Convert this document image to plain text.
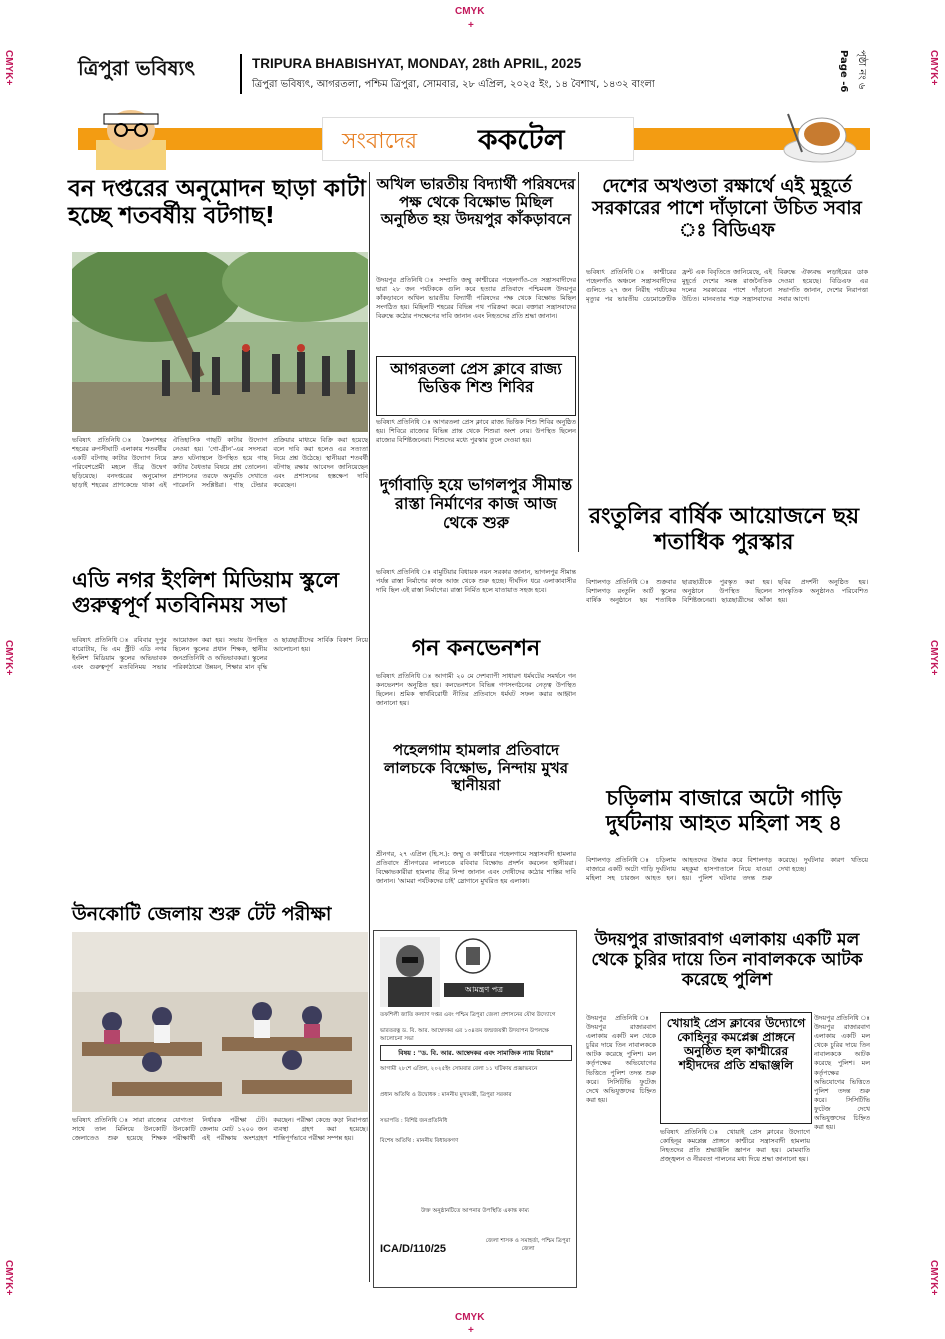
CMYK
+
CMYK+
CMYK+
CMYK+
CMYK+
CMYK+
CMYK+
CMYK
+
ত্রিপুরা ভবিষ্যৎ	TRIPURA BHABISHYAT, MONDAY, 28th APRIL, 2025
ত্রিপুরা ভবিষ্যৎ, আগরতলা, পশ্চিম ত্রিপুরা, সোমবার, ২৮ এপ্রিল, ২০২৫ ইং, ১৪ বৈশাখ, ১৪৩২ বাংলা	Page -6 পৃষ্ঠা নং ৬
সংবাদের ককটেল
বন দপ্তরের অনুমোদন ছাড়া কাটা হচ্ছে শতবর্ষীয় বটগাছ!
ভবিষ্যৎ প্রতিনিধি ঃ কৈলাশহর শহরের রুপসীঘাটি এলাকায় শতবর্ষীয় একটি বটগাছ কাটার উদ্যোগ নিয়ে পরিবেশপ্রেমী মহলে তীব্র উদ্বেগ ছড়িয়েছে। বনদপ্তরের অনুমোদন ছাড়াই শহরের প্রাণকেন্দ্রে থাকা এই ঐতিহাসিক গাছটি কাটার উদ্যোগ নেওয়া হয়। 'গো-গ্রীন'-এর সদস্যরা দ্রুত ঘটনাস্থলে উপস্থিত হয়ে গাছ কাটার বৈধতার বিষয়ে প্রশ্ন তোলেন। প্রশাসনের তরফে অনুমতি দেখাতে পারেননি সংশ্লিষ্টরা। গাছ টেন্ডার প্রক্রিয়ার মাধ্যমে বিক্রি করা হয়েছে বলে দাবি করা হলেও এর সত্যতা নিয়ে প্রশ্ন উঠেছে। স্থানীয়রা শতবর্ষী বটগাছ রক্ষার আবেদন জানিয়েছেন এবং প্রশাসনের হস্তক্ষেপ দাবি করেছেন।
এডি নগর ইংলিশ মিডিয়াম স্কুলে গুরুত্বপূর্ণ মতবিনিময় সভা
ভবিষ্যৎ প্রতিনিধি ঃ রবিবার দুপুর বারোটায়, ভি এম স্ট্রীট এডি নগর ইংলিশ মিডিয়াম স্কুলের অভিভাবক এবং গুরুত্বপূর্ণ মতবিনিময় সভার আয়োজন করা হয়। সভায় উপস্থিত ছিলেন স্কুলের প্রধান শিক্ষক, স্থানীয় জনপ্রতিনিধি ও অভিভাবকরা। স্কুলের পরিকাঠামো উন্নয়ন, শিক্ষার মান বৃদ্ধি ও ছাত্রছাত্রীদের সার্বিক বিকাশ নিয়ে আলোচনা হয়।
উনকোটি জেলায় শুরু টেট পরীক্ষা
ভবিষ্যৎ প্রতিনিধি ঃ সারা রাজ্যের সাথে তাল মিলিয়ে উনকোটি জেলাতেও শুরু হয়েছে শিক্ষক যোগ্যতা নির্ধারক পরীক্ষা টেট। উনকোটি জেলায় মোট ১২০০ জন পরীক্ষার্থী এই পরীক্ষায় অংশগ্রহণ করছেন। পরীক্ষা কেন্দ্রে কড়া নিরাপত্তা ব্যবস্থা গ্রহণ করা হয়েছে। শান্তিপূর্ণভাবে পরীক্ষা সম্পন্ন হয়।
অখিল ভারতীয় বিদ্যার্থী পরিষদের পক্ষ থেকে বিক্ষোভ মিছিল অনুষ্ঠিত হয় উদয়পুর কাঁকড়াবনে
উদয়পুর প্রতিনিধি ঃ সম্প্রতি জম্মু কাশ্মীরের পহেলগাঁও-তে সন্ত্রাসবাদীদের দ্বারা ২৮ জন পর্যটককে গুলি করে হত্যার প্রতিবাদে পশ্চিমবঙ্গ উদয়পুর কাঁকড়াবনে অখিল ভারতীয় বিদ্যার্থী পরিষদের পক্ষ থেকে বিক্ষোভ মিছিল সংগঠিত হয়। মিছিলটি শহরের বিভিন্ন পথ পরিক্রমা করে। বক্তারা সন্ত্রাসবাদের বিরুদ্ধে কঠোর পদক্ষেপের দাবি জানান এবং নিহতদের প্রতি শ্রদ্ধা জানান।
আগরতলা প্রেস ক্লাবে রাজ্য ভিত্তিক শিশু শিবির
ভবিষ্যৎ প্রতিনিধি ঃ আগরতলা প্রেস ক্লাবে রাজ্য ভিত্তিক শিশু শিবির অনুষ্ঠিত হয়। শিবিরে রাজ্যের বিভিন্ন প্রান্ত থেকে শিশুরা অংশ নেয়। উপস্থিত ছিলেন রাজ্যের বিশিষ্টজনেরা। শিশুদের মধ্যে পুরস্কার তুলে দেওয়া হয়।
দুর্গাবাড়ি হয়ে ভাগলপুর সীমান্ত রাস্তা নির্মাণের কাজ আজ থেকে শুরু
ভবিষ্যৎ প্রতিনিধি ঃ বামুটিয়ার বিধায়ক নয়ন সরকার জানান, ভাগলপুর সীমান্ত পর্যন্ত রাস্তা নির্মাণের কাজ আজ থেকে শুরু হচ্ছে। দীর্ঘদিন ধরে এলাকাবাসীর দাবি ছিল এই রাস্তা নির্মাণের। রাস্তা নির্মিত হলে যাতায়াত সহজ হবে।
গন কনভেনশন
ভবিষ্যৎ প্রতিনিধি ঃ আগামী ২০ মে দেশব্যাপী সাধারণ ধর্মঘটের সমর্থনে গন কনভেনশন অনুষ্ঠিত হয়। কনভেনশনে বিভিন্ন গণসংগঠনের নেতৃত্ব উপস্থিত ছিলেন। শ্রমিক স্বার্থবিরোধী নীতির প্রতিবাদে ধর্মঘট সফল করার আহ্বান জানানো হয়।
পহেলগাম হামলার প্রতিবাদে লালচকে বিক্ষোভ, নিন্দায় মুখর স্থানীয়রা
শ্রীনগর, ২৭ এপ্রিল (হি.স.): জম্মু ও কাশ্মীরের পহেলগামে সন্ত্রাসবাদী হামলার প্রতিবাদে শ্রীনগরের লালচকে রবিবার বিক্ষোভ প্রদর্শন করলেন স্থানীয়রা। বিক্ষোভকারীরা হামলার তীব্র নিন্দা জানান এবং দোষীদের কঠোর শাস্তির দাবি জানান। 'আমরা পর্যটকদের চাই' স্লোগানে মুখরিত হয় এলাকা।
আমন্ত্রণ পত্র
তফশিলী জাতি কল্যাণ দপ্তর এবং পশ্চিম ত্রিপুরা জেলা প্রশাসনের যৌথ উদ্যোগে
ভারতরত্ন ড. বি. আর. আম্বেদকর এর ১৩৪তম জন্মজয়ন্তী উদযাপন উপলক্ষে আলোচনা সভা
বিষয় : "ড. বি. আর. আম্বেদকর এবং সামাজিক ন্যায় বিচার"
আগামী ২৮শে এপ্রিল, ২০২৫ইং সোমবার বেলা ১১ ঘটিকায় প্রজ্ঞাভবনে
প্রধান অতিথি ও উদ্বোধক : মাননীয় মুখ্যমন্ত্রী, ত্রিপুরা সরকার
সভাপতি : বিশিষ্ট জনপ্রতিনিধি
বিশেষ অতিথি : মাননীয় বিধায়কগণ
উক্ত অনুষ্ঠানটিতে আপনার উপস্থিতি একান্ত কাম্য
ICA/D/110/25
জেলা শাসক ও সমাহর্তা, পশ্চিম ত্রিপুরা জেলা
দেশের অখণ্ডতা রক্ষার্থে এই মুহূর্তে সরকারের পাশে দাঁড়ানো উচিত সবার ঃ বিডিএফ
ভবিষ্যৎ প্রতিনিধি ঃ কাশ্মীরের পহেলগাঁও অঞ্চলে সন্ত্রাসবাদীদের গুলিতে ২৭ জন নিরীহ পর্যটকের মৃত্যুর পর ভারতীয় ডেমোক্রেটিক ফ্রন্ট এক বিবৃতিতে জানিয়েছে, এই মুহূর্তে দেশের সমস্ত রাজনৈতিক দলের সরকারের পাশে দাঁড়ানো উচিত। মানবতার শত্রু সন্ত্রাসবাদের বিরুদ্ধে ঐক্যবদ্ধ লড়াইয়ের ডাক দেওয়া হয়েছে। বিডিএফ এর সভাপতি জানান, দেশের নিরাপত্তা সবার আগে।
রংতুলির বার্ষিক আয়োজনে ছয় শতাধিক পুরস্কার
বিশালগড় প্রতিনিধি ঃ শুক্রবার বিশালগড় রংতুলি আর্ট স্কুলের বার্ষিক অনুষ্ঠানে ছয় শতাধিক ছাত্রছাত্রীকে পুরস্কৃত করা হয়। অনুষ্ঠানে উপস্থিত ছিলেন বিশিষ্টজনেরা। ছাত্রছাত্রীদের আঁকা ছবির প্রদর্শনী অনুষ্ঠিত হয়। সাংস্কৃতিক অনুষ্ঠানও পরিবেশিত হয়।
চড়িলাম বাজারে অটো গাড়ি দুর্ঘটনায় আহত মহিলা সহ ৪
বিশালগড় প্রতিনিধি ঃ চড়িলাম বাজারে একটি অটো গাড়ি দুর্ঘটনায় মহিলা সহ চারজন আহত হন। আহতদের উদ্ধার করে বিশালগড় মহকুমা হাসপাতালে নিয়ে যাওয়া হয়। পুলিশ ঘটনার তদন্ত শুরু করেছে। দুর্ঘটনার কারণ খতিয়ে দেখা হচ্ছে।
উদয়পুর রাজারবাগ এলাকায় একটি মল থেকে চুরির দায়ে তিন নাবালককে আটক করেছে পুলিশ
উদয়পুর প্রতিনিধি ঃ উদয়পুর রাজারবাগ এলাকায় একটি মল থেকে চুরির দায়ে তিন নাবালককে আটক করেছে পুলিশ। মল কর্তৃপক্ষের অভিযোগের ভিত্তিতে পুলিশ তদন্ত শুরু করে। সিসিটিভি ফুটেজ দেখে অভিযুক্তদের চিহ্নিত করা হয়।
খোয়াই প্রেস ক্লাবের উদ্যোগে কোহিনূর কমপ্লেক্স প্রাঙ্গনে অনুষ্ঠিত হল কাশ্মীরের শহীদদের প্রতি শ্রদ্ধাঞ্জলি
ভবিষ্যৎ প্রতিনিধি ঃ খোয়াই প্রেস ক্লাবের উদ্যোগে কোহিনূর কমপ্লেক্স প্রাঙ্গনে কাশ্মীরে সন্ত্রাসবাদী হামলায় নিহতদের প্রতি শ্রদ্ধাঞ্জলি জ্ঞাপন করা হয়। মোমবাতি প্রজ্জ্বলন ও নীরবতা পালনের মধ্য দিয়ে শ্রদ্ধা জানানো হয়।
উদয়পুর প্রতিনিধি ঃ উদয়পুর রাজারবাগ এলাকায় একটি মল থেকে চুরির দায়ে তিন নাবালককে আটক করেছে পুলিশ। মল কর্তৃপক্ষের অভিযোগের ভিত্তিতে পুলিশ তদন্ত শুরু করে। সিসিটিভি ফুটেজ দেখে অভিযুক্তদের চিহ্নিত করা হয়।
